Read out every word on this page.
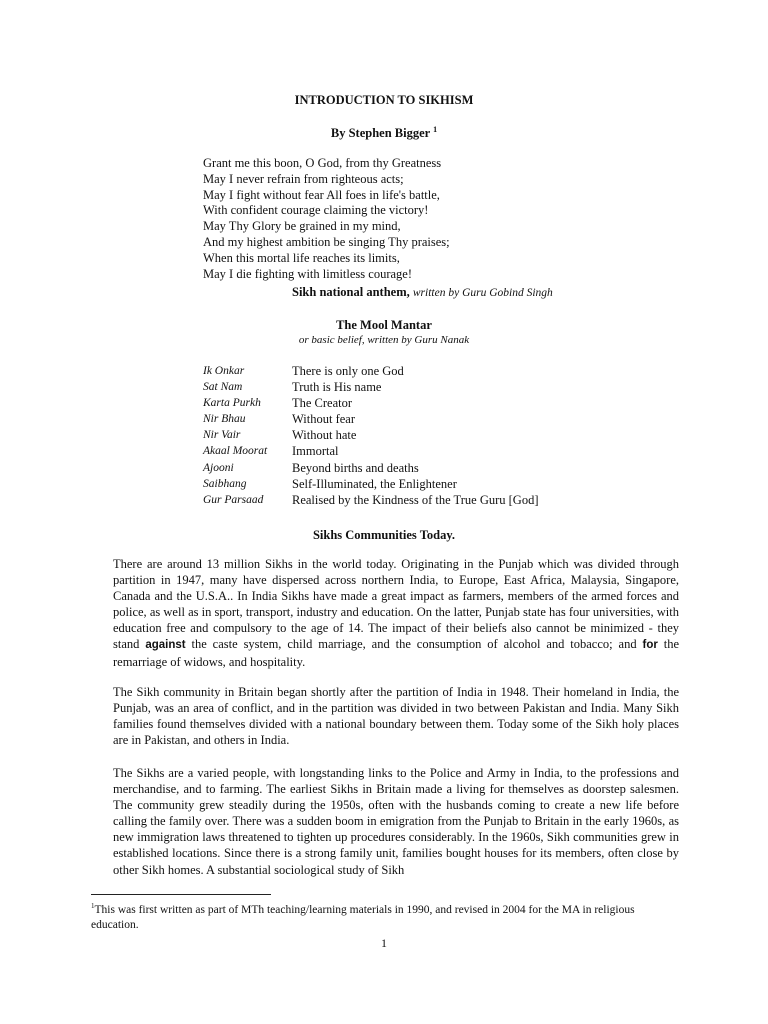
INTRODUCTION TO SIKHISM
By Stephen Bigger $^1$
Grant me this boon, O God, from thy Greatness
May I never refrain from righteous acts;
May I fight without fear All foes in life's battle,
With confident courage claiming the victory!
May Thy Glory be grained in my mind,
And my highest ambition be singing Thy praises;
When this mortal life reaches its limits,
May I die fighting with limitless courage!
Sikh national anthem, written by Guru Gobind Singh
The Mool Mantar
or basic belief, written by Guru Nanak
Ik Onkar	There is only one God
Sat Nam	Truth is His name
Karta Purkh	The Creator
Nir Bhau	Without fear
Nir Vair	Without hate
Akaal Moorat	Immortal
Ajooni	Beyond births and deaths
Saibhang	Self-Illuminated, the Enlightener
Gur Parsaad	Realised by the Kindness of the True Guru [God]
Sikhs Communities Today.

There are around 13 million Sikhs in the world today. Originating in the Punjab which was divided through partition in 1947, many have dispersed across northern India, to Europe, East Africa, Malaysia, Singapore, Canada and the U.S.A.. In India Sikhs have made a great impact as farmers, members of the armed forces and police, as well as in sport, transport, industry and education. On the latter, Punjab state has four universities, with education free and compulsory to the age of 14. The impact of their beliefs also cannot be minimized - they stand against the caste system, child marriage, and the consumption of alcohol and tobacco; and for the remarriage of widows, and hospitality.

The Sikh community in Britain began shortly after the partition of India in 1948. Their homeland in India, the Punjab, was an area of conflict, and in the partition was divided in two between Pakistan and India. Many Sikh families found themselves divided with a national boundary between them. Today some of the Sikh holy places are in Pakistan, and others in India.

The Sikhs are a varied people, with longstanding links to the Police and Army in India, to the professions and merchandise, and to farming. The earliest Sikhs in Britain made a living for themselves as doorstep salesmen. The community grew steadily during the 1950s, often with the husbands coming to create a new life before calling the family over. There was a sudden boom in emigration from the Punjab to Britain in the early 1960s, as new immigration laws threatened to tighten up procedures considerably. In the 1960s, Sikh communities grew in established locations. Since there is a strong family unit, families bought houses for its members, often close by other Sikh homes. A substantial sociological study of Sikh

$^1$This was first written as part of MTh teaching/learning materials in 1990, and revised in 2004 for the MA in religious education.
1
